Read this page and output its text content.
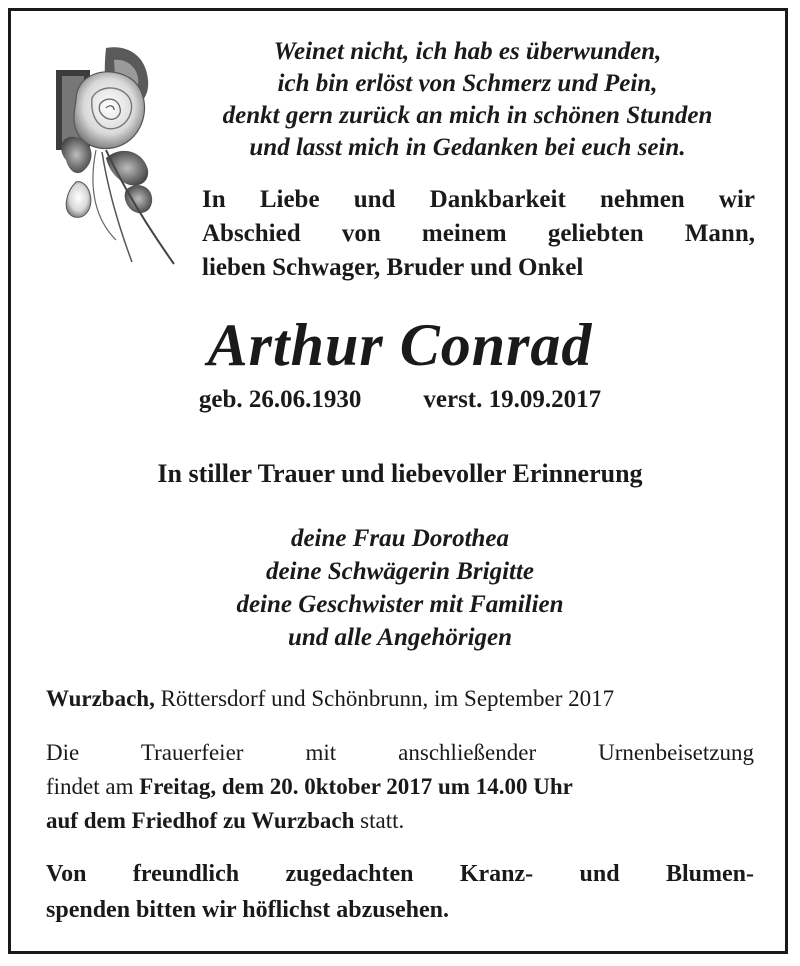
Weinet nicht, ich hab es überwunden,
ich bin erlöst von Schmerz und Pein,
denkt gern zurück an mich in schönen Stunden
und lasst mich in Gedanken bei euch sein.
In Liebe und Dankbarkeit nehmen wir
Abschied von meinem geliebten Mann,
lieben Schwager, Bruder und Onkel
Arthur Conrad
geb. 26.06.1930 verst. 19.09.2017
In stiller Trauer und liebevoller Erinnerung
deine Frau Dorothea
deine Schwägerin Brigitte
deine Geschwister mit Familien
und alle Angehörigen
Wurzbach, Röttersdorf und Schönbrunn, im September 2017
Die Trauerfeier mit anschließender Urnenbeisetzung
findet am Freitag, dem 20. 0ktober 2017 um 14.00 Uhr
auf dem Friedhof zu Wurzbach statt.
Von freundlich zugedachten Kranz- und Blumen-
spenden bitten wir höflichst abzusehen.
